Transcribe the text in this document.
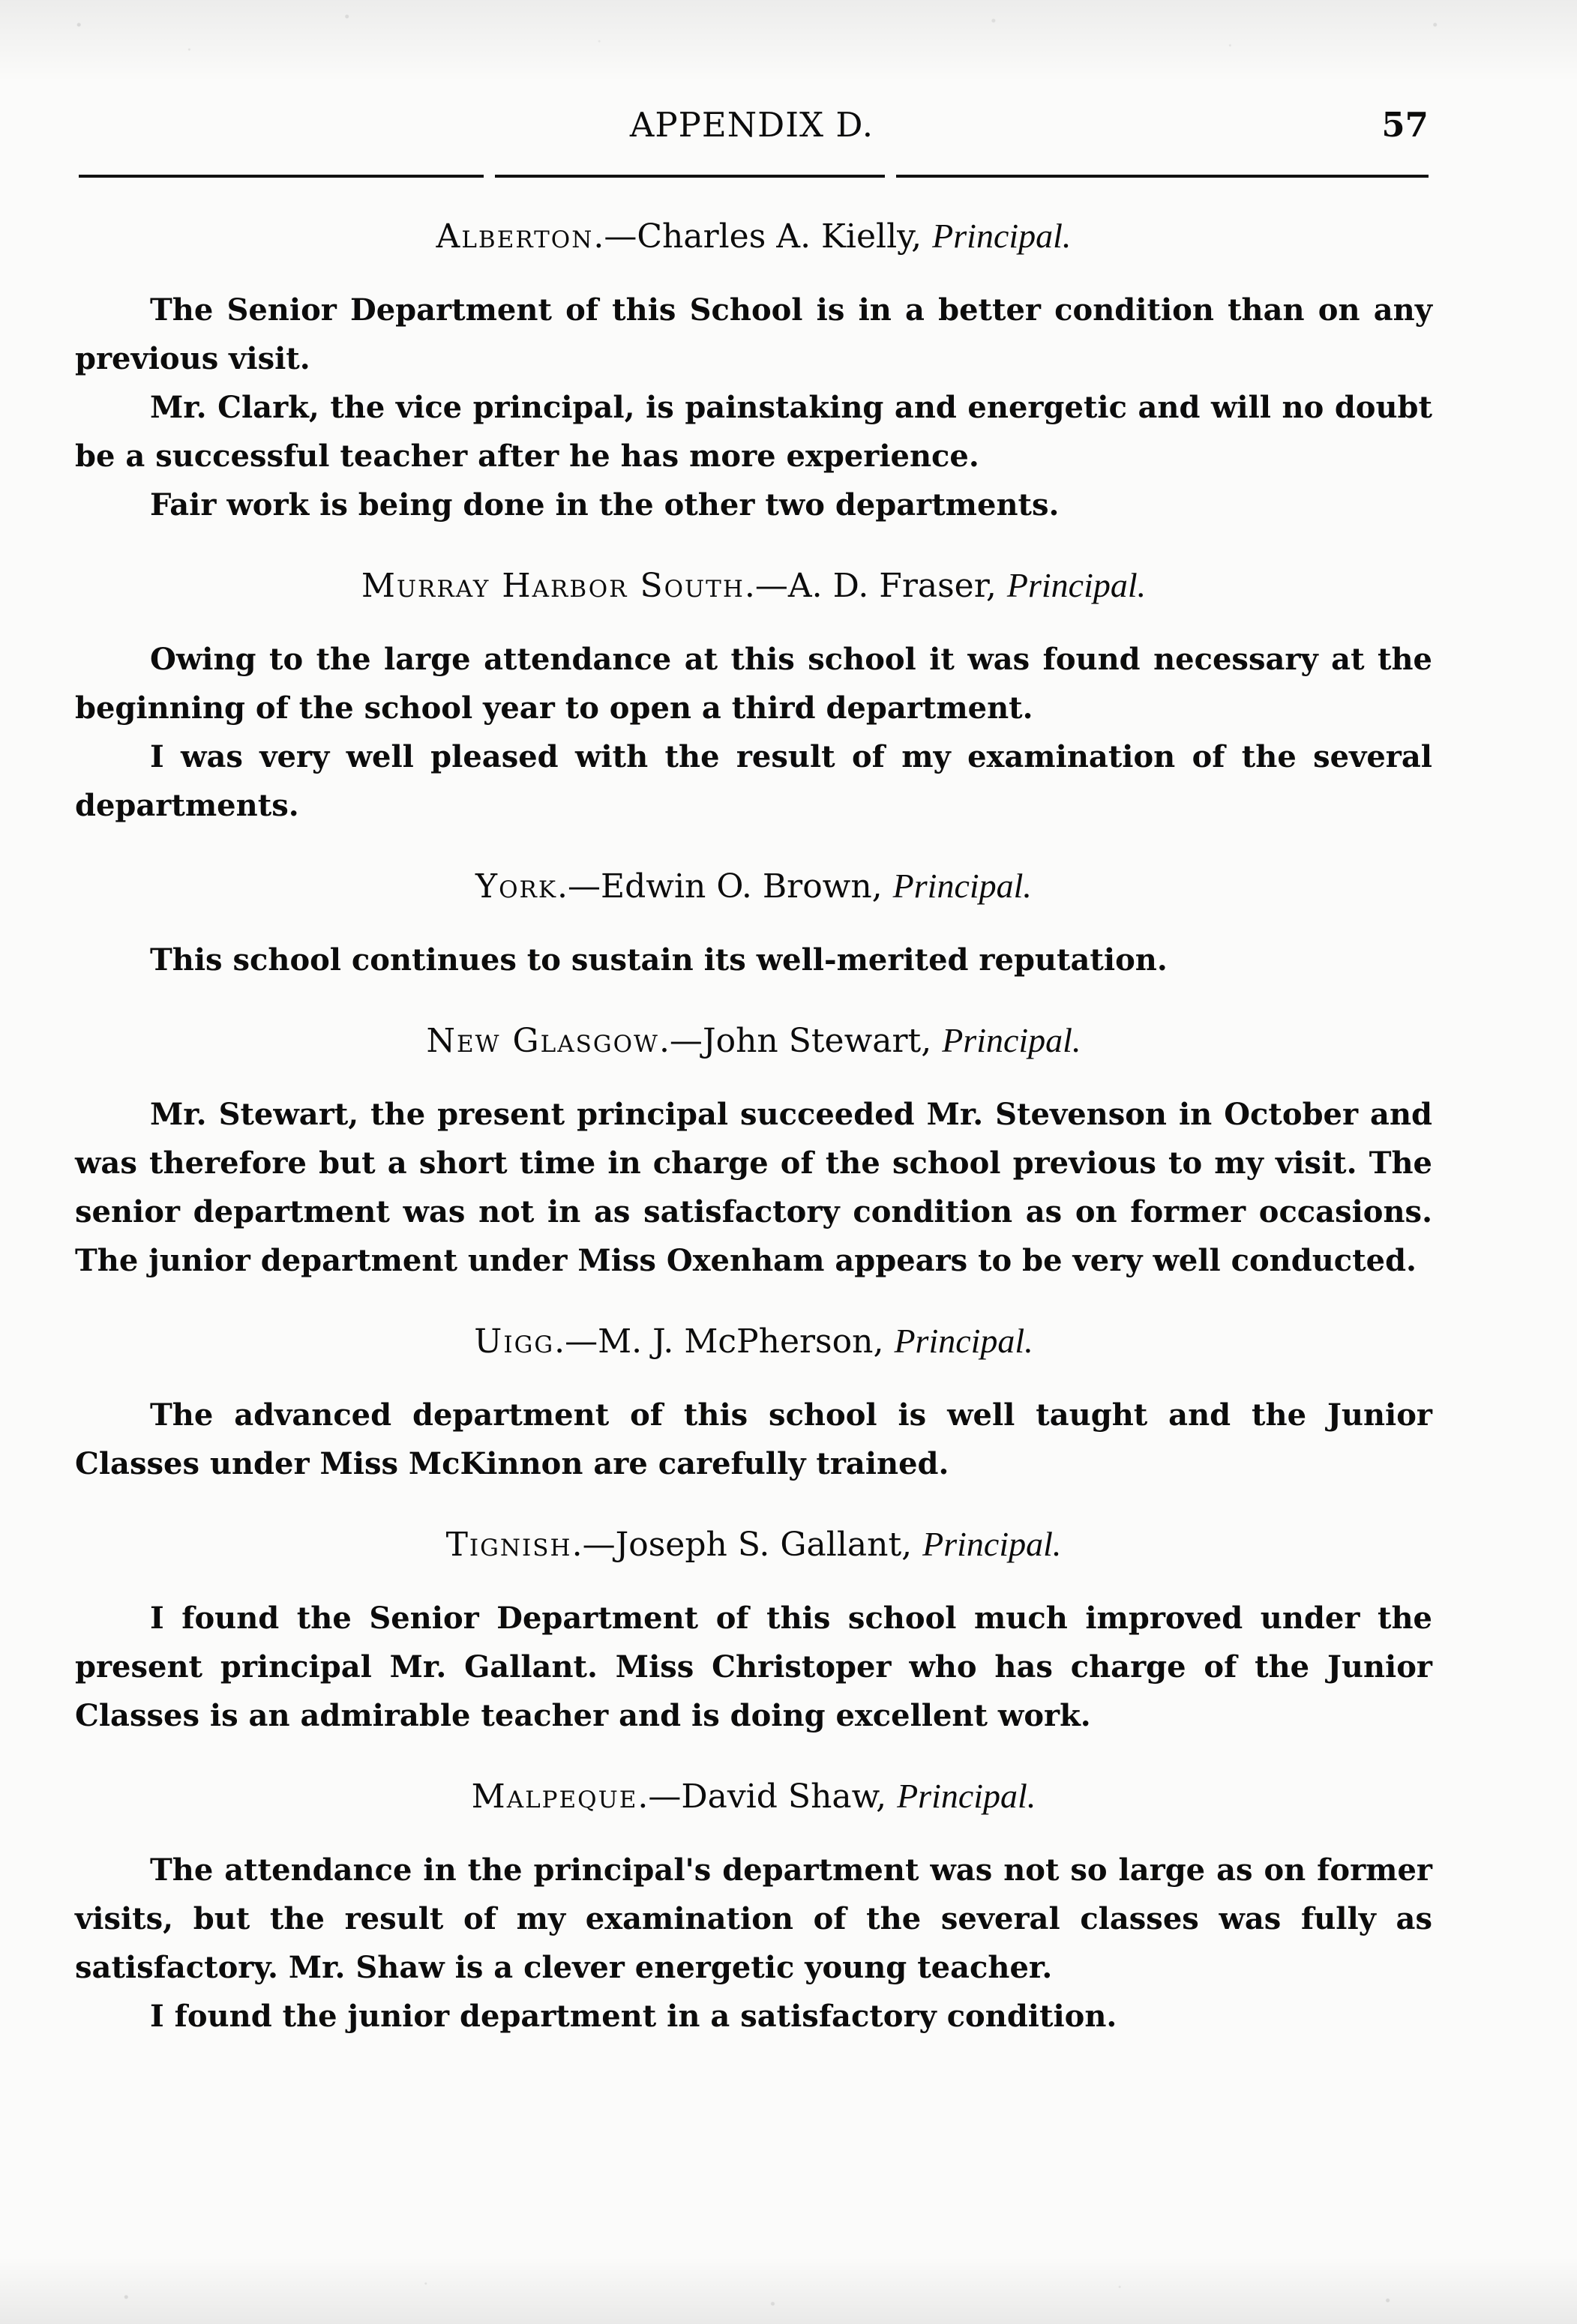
APPENDIX D.	57

Alberton.—Charles A. Kielly, Principal.

The Senior Department of this School is in a better condition than on any previous visit.

Mr. Clark, the vice principal, is painstaking and energetic and will no doubt be a successful teacher after he has more experience.

Fair work is being done in the other two departments.

Murray Harbor South.—A. D. Fraser, Principal.

Owing to the large attendance at this school it was found necessary at the beginning of the school year to open a third department.

I was very well pleased with the result of my examination of the several departments.

York.—Edwin O. Brown, Principal.

This school continues to sustain its well-merited reputation.

New Glasgow.—John Stewart, Principal.

Mr. Stewart, the present principal succeeded Mr. Stevenson in October and was therefore but a short time in charge of the school previous to my visit. The senior department was not in as satisfactory condition as on former occasions. The junior department under Miss Oxenham appears to be very well conducted.

Uigg.—M. J. McPherson, Principal.

The advanced department of this school is well taught and the Junior Classes under Miss McKinnon are carefully trained.

Tignish.—Joseph S. Gallant, Principal.

I found the Senior Department of this school much improved under the present principal Mr. Gallant. Miss Christoper who has charge of the Junior Classes is an admirable teacher and is doing excellent work.

Malpeque.—David Shaw, Principal.

The attendance in the principal's department was not so large as on former visits, but the result of my examination of the several classes was fully as satisfactory. Mr. Shaw is a clever energetic young teacher.

I found the junior department in a satisfactory condition.
